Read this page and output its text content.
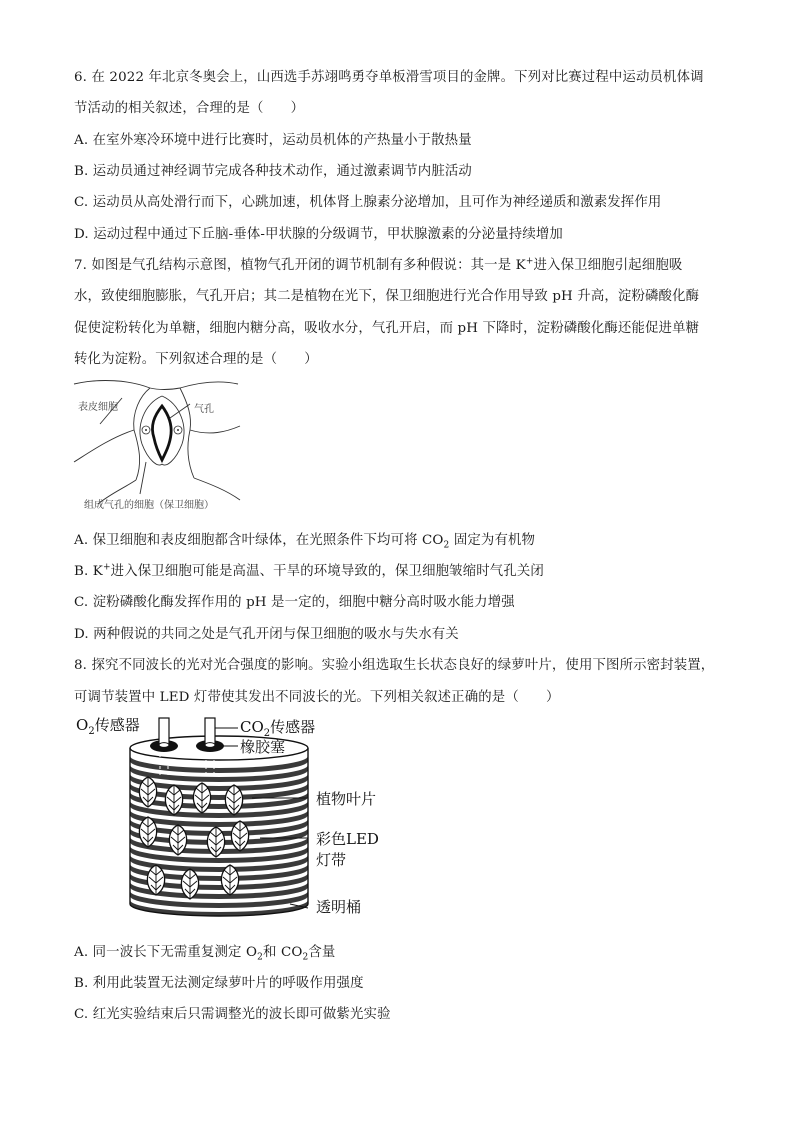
6. 在 2022 年北京冬奥会上，山西选手苏翊鸣勇夺单板滑雪项目的金牌。下列对比赛过程中运动员机体调
节活动的相关叙述，合理的是（　　）
A. 在室外寒冷环境中进行比赛时，运动员机体的产热量小于散热量
B. 运动员通过神经调节完成各种技术动作，通过激素调节内脏活动
C. 运动员从高处滑行而下，心跳加速，机体肾上腺素分泌增加，且可作为神经递质和激素发挥作用
D. 运动过程中通过下丘脑-垂体-甲状腺的分级调节，甲状腺激素的分泌量持续增加
7. 如图是气孔结构示意图，植物气孔开闭的调节机制有多种假说：其一是 K+进入保卫细胞引起细胞吸
水，致使细胞膨胀，气孔开启；其二是植物在光下，保卫细胞进行光合作用导致 pH 升高，淀粉磷酸化酶
促使淀粉转化为单糖，细胞内糖分高，吸收水分，气孔开启，而 pH 下降时，淀粉磷酸化酶还能促进单糖
转化为淀粉。下列叙述合理的是（　　）
表皮细胞	气孔
组成气孔的细胞（保卫细胞）
A. 保卫细胞和表皮细胞都含叶绿体，在光照条件下均可将 $CO_2$ 固定为有机物
B. K+进入保卫细胞可能是高温、干旱的环境导致的，保卫细胞皱缩时气孔关闭
C. 淀粉磷酸化酶发挥作用的 pH 是一定的，细胞中糖分高时吸水能力增强
D. 两种假说的共同之处是气孔开闭与保卫细胞的吸水与失水有关
8. 探究不同波长的光对光合强度的影响。实验小组选取生长状态良好的绿萝叶片，使用下图所示密封装置，
可调节装置中 LED 灯带使其发出不同波长的光。下列相关叙述正确的是（　　）
$O_2$传感器	$CO_2$传感器
橡胶塞
植物叶片
彩色LED
灯带
透明桶
A. 同一波长下无需重复测定 $O_2$和 $CO_2$含量
B. 利用此装置无法测定绿萝叶片的呼吸作用强度
C. 红光实验结束后只需调整光的波长即可做紫光实验
